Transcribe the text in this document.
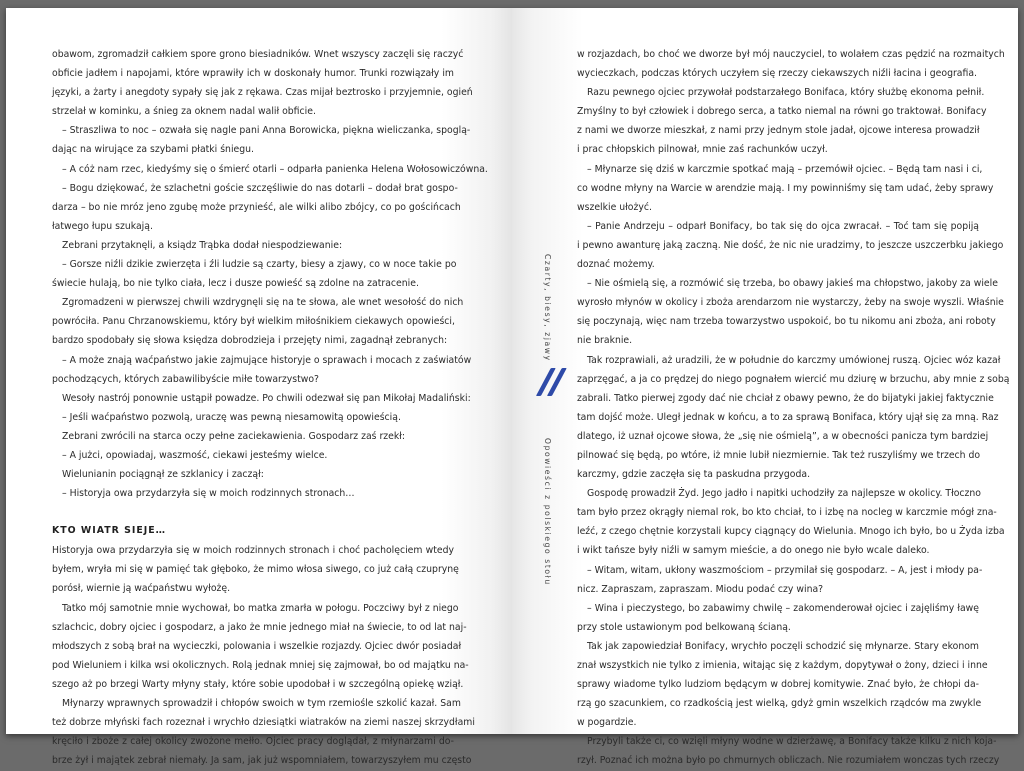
obawom, zgromadził całkiem spore grono biesiadników. Wnet wszyscy zaczęli się raczyć
obficie jadłem i napojami, które wprawiły ich w doskonały humor. Trunki rozwiązały im
języki, a żarty i anegdoty sypały się jak z rękawa. Czas mijał beztrosko i przyjemnie, ogień
strzelał w kominku, a śnieg za oknem nadal walił obficie.
– Straszliwa to noc – ozwała się nagle pani Anna Borowicka, piękna wieliczanka, spoglą-
dając na wirujące za szybami płatki śniegu.
– A cóż nam rzec, kiedyśmy się o śmierć otarli – odparła panienka Helena Wołosowiczówna.
– Bogu dziękować, że szlachetni goście szczęśliwie do nas dotarli – dodał brat gospo-
darza – bo nie mróz jeno zgubę może przynieść, ale wilki alibo zbójcy, co po gościńcach
łatwego łupu szukają.
Zebrani przytaknęli, a ksiądz Trąbka dodał niespodziewanie:
– Gorsze niźli dzikie zwierzęta i źli ludzie są czarty, biesy a zjawy, co w noce takie po
świecie hulają, bo nie tylko ciała, lecz i dusze powieść są zdolne na zatracenie.
Zgromadzeni w pierwszej chwili wzdrygnęli się na te słowa, ale wnet wesołość do nich
powróciła. Panu Chrzanowskiemu, który był wielkim miłośnikiem ciekawych opowieści,
bardzo spodobały się słowa księdza dobrodzieja i przejęty nimi, zagadnął zebranych:
– A może znają waćpaństwo jakie zajmujące historyje o sprawach i mocach z zaświatów
pochodzących, których zabawilibyście miłe towarzystwo?
Wesoły nastrój ponownie ustąpił powadze. Po chwili odezwał się pan Mikołaj Madaliński:
– Jeśli waćpaństwo pozwolą, uraczę was pewną niesamowitą opowieścią.
Zebrani zwrócili na starca oczy pełne zaciekawienia. Gospodarz zaś rzekł:
– A jużci, opowiadaj, waszmość, ciekawi jesteśmy wielce.
Wielunianin pociągnął ze szklanicy i zaczął:
– Historyja owa przydarzyła się w moich rodzinnych stronach…
KTO WIATR SIEJE…
Historyja owa przydarzyła się w moich rodzinnych stronach i choć pacholęciem wtedy
byłem, wryła mi się w pamięć tak głęboko, że mimo włosa siwego, co już całą czuprynę
porósł, wiernie ją waćpaństwu wyłożę.
Tatko mój samotnie mnie wychował, bo matka zmarła w połogu. Poczciwy był z niego
szlachcic, dobry ojciec i gospodarz, a jako że mnie jednego miał na świecie, to od lat naj-
młodszych z sobą brał na wycieczki, polowania i wszelkie rozjazdy. Ojciec dwór posiadał
pod Wieluniem i kilka wsi okolicznych. Rolą jednak mniej się zajmował, bo od majątku na-
szego aż po brzegi Warty młyny stały, które sobie upodobał i w szczególną opiekę wziął.
Młynarzy wprawnych sprowadził i chłopów swoich w tym rzemiośle szkolić kazał. Sam
też dobrze młyński fach rozeznał i wrychło dziesiątki wiatraków na ziemi naszej skrzydłami
kręciło i zboże z całej okolicy zwożone mełło. Ojciec pracy doglądał, z młynarzami do-
brze żył i majątek zebrał niemały. Ja sam, jak już wspomniałem, towarzyszyłem mu często
Czarty, biesy, zjawy
11
Opowieści z polskiego stołu
w rozjazdach, bo choć we dworze był mój nauczyciel, to wolałem czas pędzić na rozmaitych
wycieczkach, podczas których uczyłem się rzeczy ciekawszych niźli łacina i geografia.
Razu pewnego ojciec przywołał podstarzałego Bonifaca, który służbę ekonoma pełnił.
Zmyślny to był człowiek i dobrego serca, a tatko niemal na równi go traktował. Bonifacy
z nami we dworze mieszkał, z nami przy jednym stole jadał, ojcowe interesa prowadził
i prac chłopskich pilnował, mnie zaś rachunków uczył.
– Młynarze się dziś w karczmie spotkać mają – przemówił ojciec. – Będą tam nasi i ci,
co wodne młyny na Warcie w arendzie mają. I my powinniśmy się tam udać, żeby sprawy
wszelkie ułożyć.
– Panie Andrzeju – odparł Bonifacy, bo tak się do ojca zwracał. – Toć tam się popiją
i pewno awanturę jaką zaczną. Nie dość, że nic nie uradzimy, to jeszcze uszczerbku jakiego
doznać możemy.
– Nie ośmielą się, a rozmówić się trzeba, bo obawy jakieś ma chłopstwo, jakoby za wiele
wyrosło młynów w okolicy i zboża arendarzom nie wystarczy, żeby na swoje wyszli. Właśnie
się poczynają, więc nam trzeba towarzystwo uspokoić, bo tu nikomu ani zboża, ani roboty
nie braknie.
Tak rozprawiali, aż uradzili, że w południe do karczmy umówionej ruszą. Ojciec wóz kazał
zaprzęgać, a ja co prędzej do niego pognałem wiercić mu dziurę w brzuchu, aby mnie z sobą
zabrali. Tatko pierwej zgody dać nie chciał z obawy pewno, że do bijatyki jakiej faktycznie
tam dojść może. Uległ jednak w końcu, a to za sprawą Bonifaca, który ujął się za mną. Raz
dlatego, iż uznał ojcowe słowa, że „się nie ośmielą”, a w obecności panicza tym bardziej
pilnować się będą, po wtóre, iż mnie lubił niezmiernie. Tak też ruszyliśmy we trzech do
karczmy, gdzie zaczęła się ta paskudna przygoda.
Gospodę prowadził Żyd. Jego jadło i napitki uchodziły za najlepsze w okolicy. Tłoczno
tam było przez okrągły niemal rok, bo kto chciał, to i izbę na nocleg w karczmie mógł zna-
leźć, z czego chętnie korzystali kupcy ciągnący do Wielunia. Mnogo ich było, bo u Żyda izba
i wikt tańsze były niźli w samym mieście, a do onego nie było wcale daleko.
– Witam, witam, ukłony waszmościom – przymilał się gospodarz. – A, jest i młody pa-
nicz. Zapraszam, zapraszam. Miodu podać czy wina?
– Wina i pieczystego, bo zabawimy chwilę – zakomenderował ojciec i zajęliśmy ławę
przy stole ustawionym pod belkowaną ścianą.
Tak jak zapowiedział Bonifacy, wrychło poczęli schodzić się młynarze. Stary ekonom
znał wszystkich nie tylko z imienia, witając się z każdym, dopytywał o żony, dzieci i inne
sprawy wiadome tylko ludziom będącym w dobrej komitywie. Znać było, że chłopi da-
rzą go szacunkiem, co rzadkością jest wielką, gdyż gmin wszelkich rządców ma zwykle
w pogardzie.
Przybyli także ci, co wzięli młyny wodne w dzierżawę, a Bonifacy także kilku z nich koja-
rzył. Poznać ich można było po chmurnych obliczach. Nie rozumiałem wonczas tych rzeczy
